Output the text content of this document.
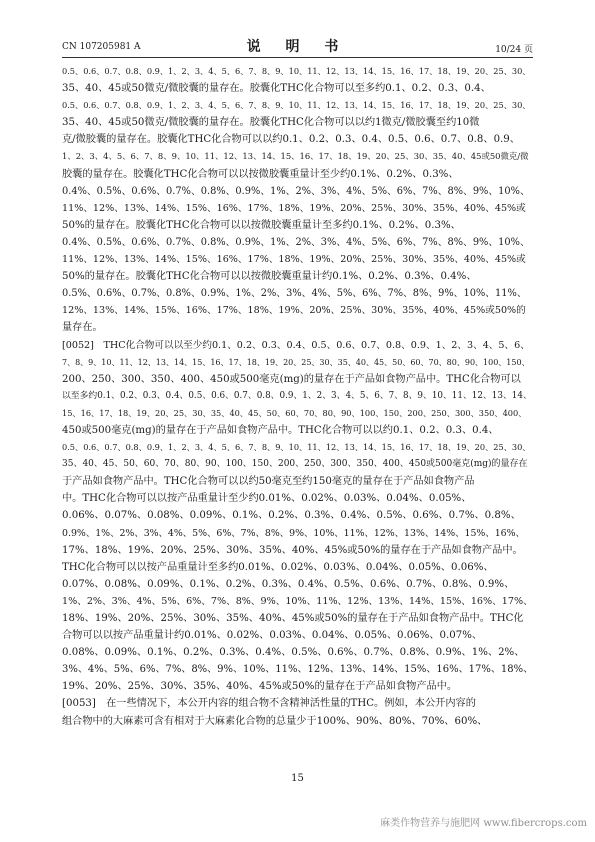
CN 107205981 A	说 明 书	10/24 页
0.5、0.6、0.7、0.8、0.9、1、2、3、4、5、6、7、8、9、10、11、12、13、14、15、16、17、18、19、20、25、30、
35、40、45或50微克/微胶囊的量存在。胶囊化THC化合物可以至多约0.1、0.2、0.3、0.4、
0.5、0.6、0.7、0.8、0.9、1、2、3、4、5、6、7、8、9、10、11、12、13、14、15、16、17、18、19、20、25、30、
35、40、45或50微克/微胶囊的量存在。胶囊化THC化合物可以以约1微克/微胶囊至约10微
克/微胶囊的量存在。胶囊化THC化合物可以以约0.1、0.2、0.3、0.4、0.5、0.6、0.7、0.8、0.9、
1、2、3、4、5、6、7、8、9、10、11、12、13、14、15、16、17、18、19、20、25、30、35、40、45或50微克/微
胶囊的量存在。胶囊化THC化合物可以以按微胶囊重量计至少约0.1%、0.2%、0.3%、
0.4%、0.5%、0.6%、0.7%、0.8%、0.9%、1%、2%、3%、4%、5%、6%、7%、8%、9%、10%、
11%、12%、13%、14%、15%、16%、17%、18%、19%、20%、25%、30%、35%、40%、45%或
50%的量存在。胶囊化THC化合物可以以按微胶囊重量计至多约0.1%、0.2%、0.3%、
0.4%、0.5%、0.6%、0.7%、0.8%、0.9%、1%、2%、3%、4%、5%、6%、7%、8%、9%、10%、
11%、12%、13%、14%、15%、16%、17%、18%、19%、20%、25%、30%、35%、40%、45%或
50%的量存在。胶囊化THC化合物可以以按微胶囊重量计约0.1%、0.2%、0.3%、0.4%、
0.5%、0.6%、0.7%、0.8%、0.9%、1%、2%、3%、4%、5%、6%、7%、8%、9%、10%、11%、
12%、13%、14%、15%、16%、17%、18%、19%、20%、25%、30%、35%、40%、45%或50%的
量存在。
[0052]　THC化合物可以以至少约0.1、0.2、0.3、0.4、0.5、0.6、0.7、0.8、0.9、1、2、3、4、5、6、
7、8、9、10、11、12、13、14、15、16、17、18、19、20、25、30、35、40、45、50、60、70、80、90、100、150、
200、250、300、350、400、450或500毫克(mg)的量存在于产品如食物产品中。THC化合物可以
以至多约0.1、0.2、0.3、0.4、0.5、0.6、0.7、0.8、0.9、1、2、3、4、5、6、7、8、9、10、11、12、13、14、
15、16、17、18、19、20、25、30、35、40、45、50、60、70、80、90、100、150、200、250、300、350、400、
450或500毫克(mg)的量存在于产品如食物产品中。THC化合物可以以约0.1、0.2、0.3、0.4、
0.5、0.6、0.7、0.8、0.9、1、2、3、4、5、6、7、8、9、10、11、12、13、14、15、16、17、18、19、20、25、30、
35、40、45、50、60、70、80、90、100、150、200、250、300、350、400、450或500毫克(mg)的量存在
于产品如食物产品中。THC化合物可以以约50毫克至约150毫克的量存在于产品如食物产品
中。THC化合物可以以按产品重量计至少约0.01%、0.02%、0.03%、0.04%、0.05%、
0.06%、0.07%、0.08%、0.09%、0.1%、0.2%、0.3%、0.4%、0.5%、0.6%、0.7%、0.8%、
0.9%、1%、2%、3%、4%、5%、6%、7%、8%、9%、10%、11%、12%、13%、14%、15%、16%、
17%、18%、19%、20%、25%、30%、35%、40%、45%或50%的量存在于产品如食物产品中。
THC化合物可以以按产品重量计至多约0.01%、0.02%、0.03%、0.04%、0.05%、0.06%、
0.07%、0.08%、0.09%、0.1%、0.2%、0.3%、0.4%、0.5%、0.6%、0.7%、0.8%、0.9%、
1%、2%、3%、4%、5%、6%、7%、8%、9%、10%、11%、12%、13%、14%、15%、16%、17%、
18%、19%、20%、25%、30%、35%、40%、45%或50%的量存在于产品如食物产品中。THC化
合物可以以按产品重量计约0.01%、0.02%、0.03%、0.04%、0.05%、0.06%、0.07%、
0.08%、0.09%、0.1%、0.2%、0.3%、0.4%、0.5%、0.6%、0.7%、0.8%、0.9%、1%、2%、
3%、4%、5%、6%、7%、8%、9%、10%、11%、12%、13%、14%、15%、16%、17%、18%、
19%、20%、25%、30%、35%、40%、45%或50%的量存在于产品如食物产品中。
[0053]　在一些情况下，本公开内容的组合物不含精神活性量的THC。例如，本公开内容的
组合物中的大麻素可含有相对于大麻素化合物的总量少于100%、90%、80%、70%、60%、
15
麻类作物营养与施肥网 www.fibercrops.com
